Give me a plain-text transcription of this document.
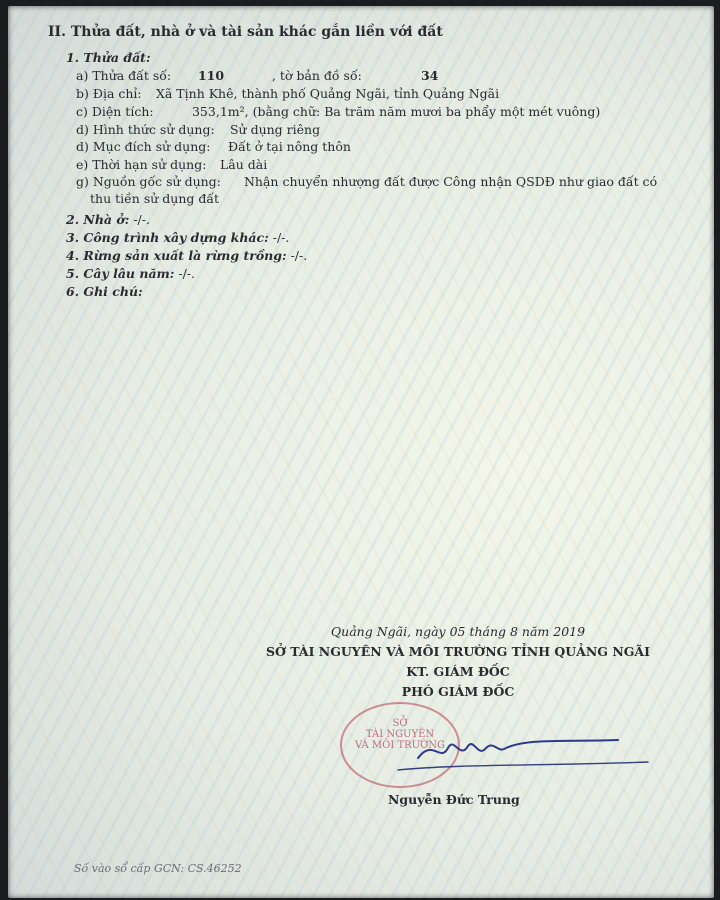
II. Thửa đất, nhà ở và tài sản khác gắn liền với đất
1. Thửa đất:
a) Thửa đất số: 110	, tờ bản đồ số:	34
b) Địa chỉ: Xã Tịnh Khê, thành phố Quảng Ngãi, tỉnh Quảng Ngãi
c) Diện tích:	353,1m², (bằng chữ: Ba trăm năm mươi ba phẩy một mét vuông)
d) Hình thức sử dụng: Sử dụng riêng
d) Mục đích sử dụng: Đất ở tại nông thôn
e) Thời hạn sử dụng: Lâu dài
g) Nguồn gốc sử dụng: Nhận chuyển nhượng đất được Công nhận QSDĐ như giao đất có
thu tiền sử dụng đất
2. Nhà ở: -/-.
3. Công trình xây dựng khác: -/-.
4. Rừng sản xuất là rừng trồng: -/-.
5. Cây lâu năm: -/-.
6. Ghi chú:
Quảng Ngãi, ngày 05 tháng 8 năm 2019
SỞ TÀI NGUYÊN VÀ MÔI TRƯỜNG TỈNH QUẢNG NGÃI
KT. GIÁM ĐỐC
PHÓ GIÁM ĐỐC
SỞ
TÀI NGUYÊN
VÀ MÔI TRƯỜNG
Nguyễn Đức Trung
Số vào sổ cấp GCN: CS.46252
